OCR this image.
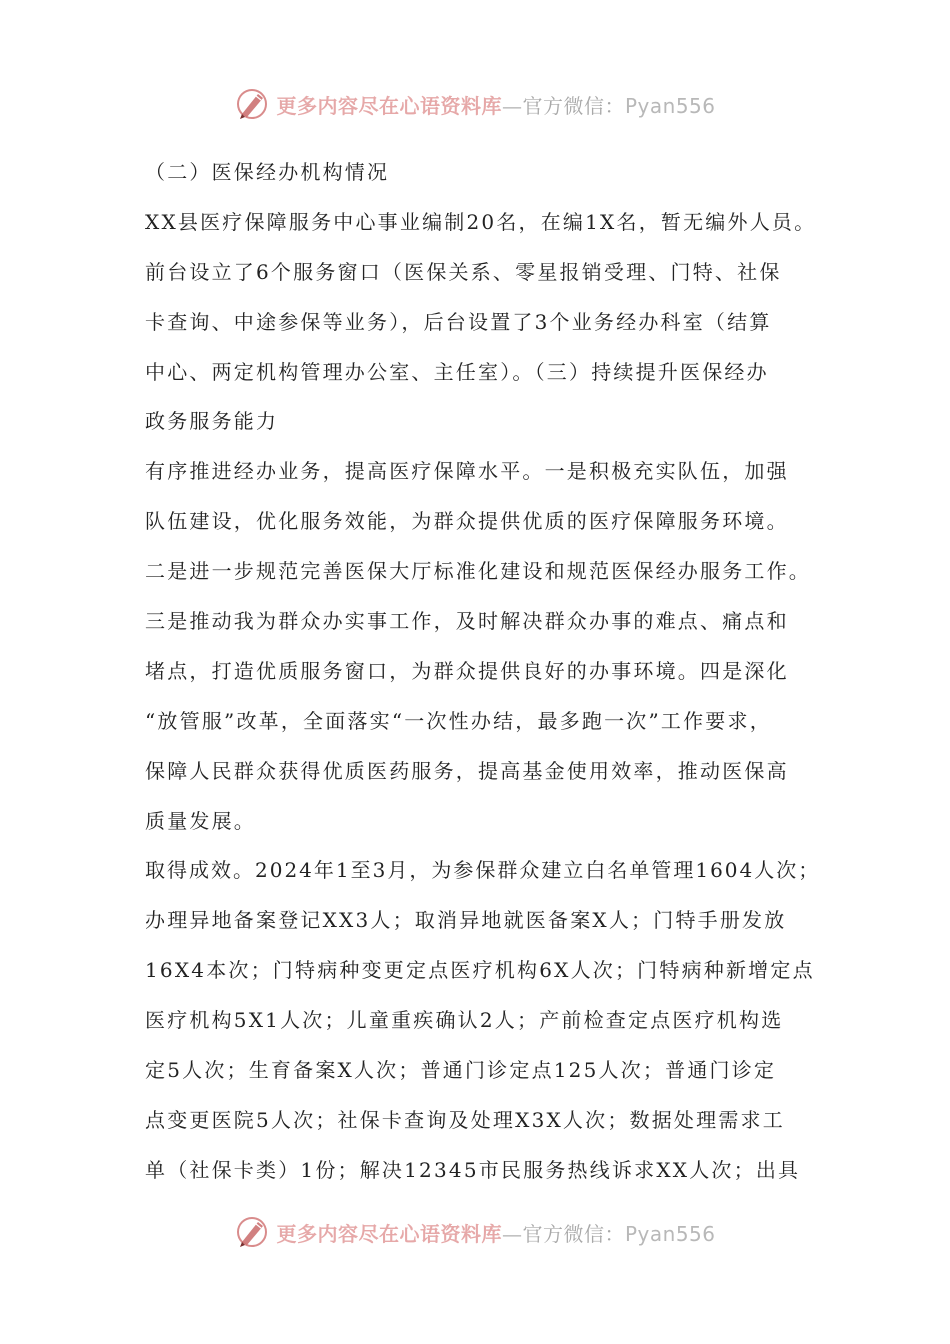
更多内容尽在心语资料库—官方微信：Pyan556
（二）医保经办机构情况
XX县医疗保障服务中心事业编制20名，在编1X名，暂无编外人员。
前台设立了6个服务窗口（医保关系、零星报销受理、门特、社保
卡查询、中途参保等业务），后台设置了3个业务经办科室（结算
中心、两定机构管理办公室、主任室）。（三）持续提升医保经办
政务服务能力
有序推进经办业务，提高医疗保障水平。一是积极充实队伍，加强
队伍建设，优化服务效能，为群众提供优质的医疗保障服务环境。
二是进一步规范完善医保大厅标准化建设和规范医保经办服务工作。
三是推动我为群众办实事工作，及时解决群众办事的难点、痛点和
堵点，打造优质服务窗口，为群众提供良好的办事环境。四是深化
“放管服”改革，全面落实“一次性办结，最多跑一次”工作要求，
保障人民群众获得优质医药服务，提高基金使用效率，推动医保高
质量发展。
取得成效。2024年1至3月，为参保群众建立白名单管理1604人次；
办理异地备案登记XX3人；取消异地就医备案X人；门特手册发放
16X4本次；门特病种变更定点医疗机构6X人次；门特病种新增定点
医疗机构5X1人次；儿童重疾确认2人；产前检查定点医疗机构选
定5人次；生育备案X人次；普通门诊定点125人次；普通门诊定
点变更医院5人次；社保卡查询及处理X3X人次；数据处理需求工
单（社保卡类）1份；解决12345市民服务热线诉求XX人次；出具
更多内容尽在心语资料库—官方微信：Pyan556
